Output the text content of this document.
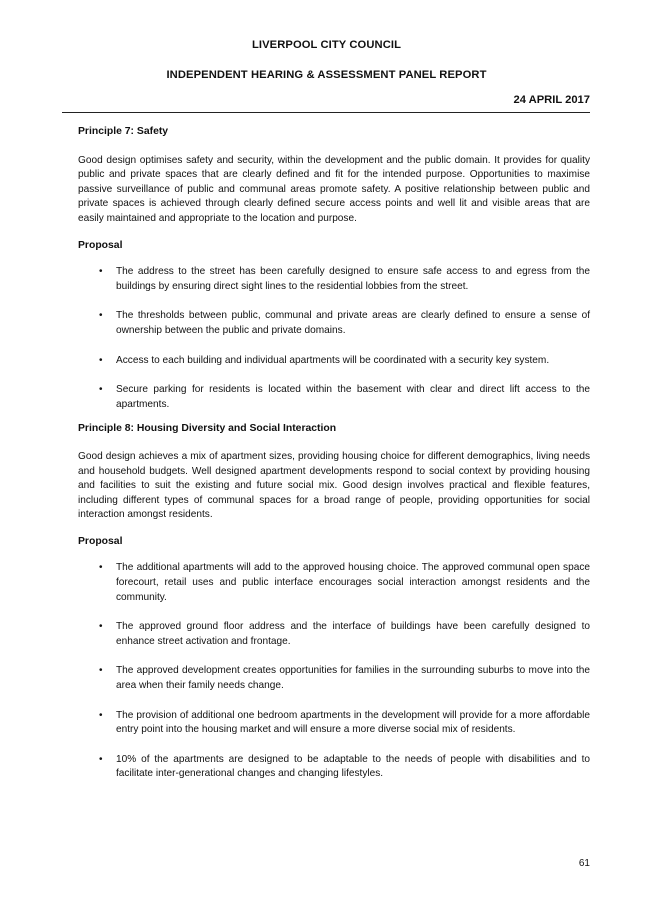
LIVERPOOL CITY COUNCIL
INDEPENDENT HEARING & ASSESSMENT PANEL REPORT
24 APRIL 2017
Principle 7: Safety

Good design optimises safety and security, within the development and the public domain. It provides for quality public and private spaces that are clearly defined and fit for the intended purpose. Opportunities to maximise passive surveillance of public and communal areas promote safety. A positive relationship between public and private spaces is achieved through clearly defined secure access points and well lit and visible areas that are easily maintained and appropriate to the location and purpose.

Proposal
• The address to the street has been carefully designed to ensure safe access to and egress from the buildings by ensuring direct sight lines to the residential lobbies from the street.
• The thresholds between public, communal and private areas are clearly defined to ensure a sense of ownership between the public and private domains.
• Access to each building and individual apartments will be coordinated with a security key system.
• Secure parking for residents is located within the basement with clear and direct lift access to the apartments.
Principle 8: Housing Diversity and Social Interaction

Good design achieves a mix of apartment sizes, providing housing choice for different demographics, living needs and household budgets. Well designed apartment developments respond to social context by providing housing and facilities to suit the existing and future social mix. Good design involves practical and flexible features, including different types of communal spaces for a broad range of people, providing opportunities for social interaction amongst residents.

Proposal
• The additional apartments will add to the approved housing choice. The approved communal open space forecourt, retail uses and public interface encourages social interaction amongst residents and the community.
• The approved ground floor address and the interface of buildings have been carefully designed to enhance street activation and frontage.
• The approved development creates opportunities for families in the surrounding suburbs to move into the area when their family needs change.
• The provision of additional one bedroom apartments in the development will provide for a more affordable entry point into the housing market and will ensure a more diverse social mix of residents.
• 10% of the apartments are designed to be adaptable to the needs of people with disabilities and to facilitate inter-generational changes and changing lifestyles.
61
